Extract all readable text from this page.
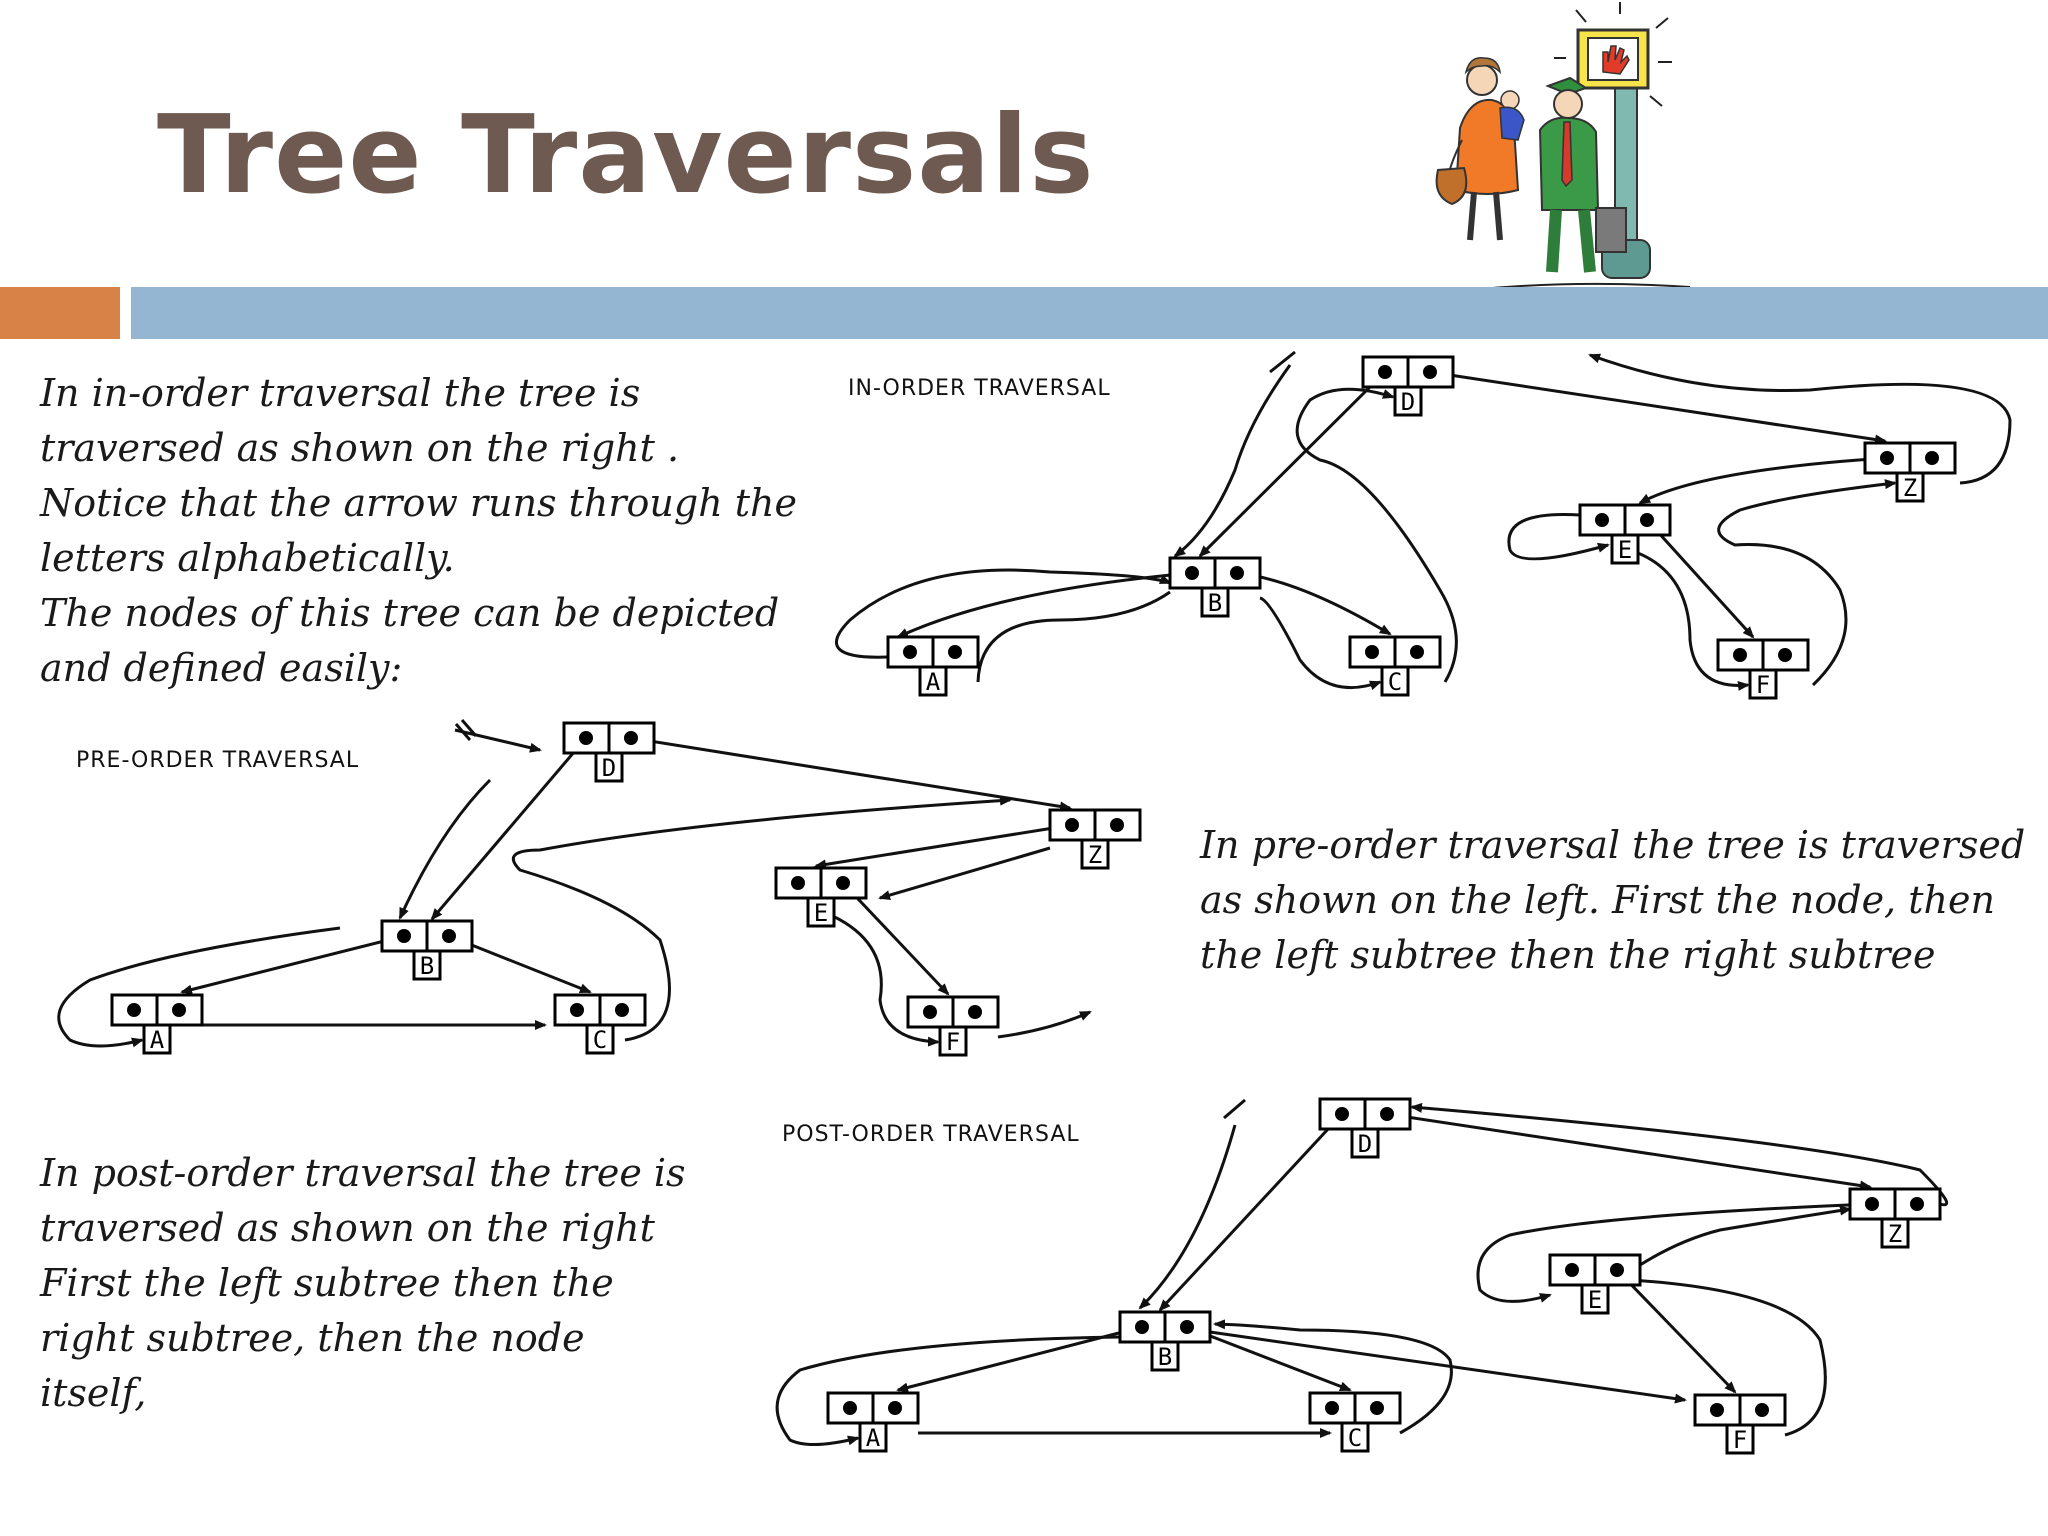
Tree Traversals
In in-order traversal the tree is
traversed as shown on the right .
Notice that the arrow runs through the
letters alphabetically.
The nodes of this tree can be depicted
and defined easily:
In pre-order traversal the tree is traversed
as shown on the left. First the node, then
the left subtree then the right subtree
In post-order traversal the tree is
traversed as shown on the right
First the left subtree then the
right subtree, then the node
itself,
IN-ORDER TRAVERSAL
PRE-ORDER TRAVERSAL
POST-ORDER TRAVERSAL
D
B
A	C
Z
E
F
D
B
A	C
Z
E
F
D
B
A	C
Z
E
F
